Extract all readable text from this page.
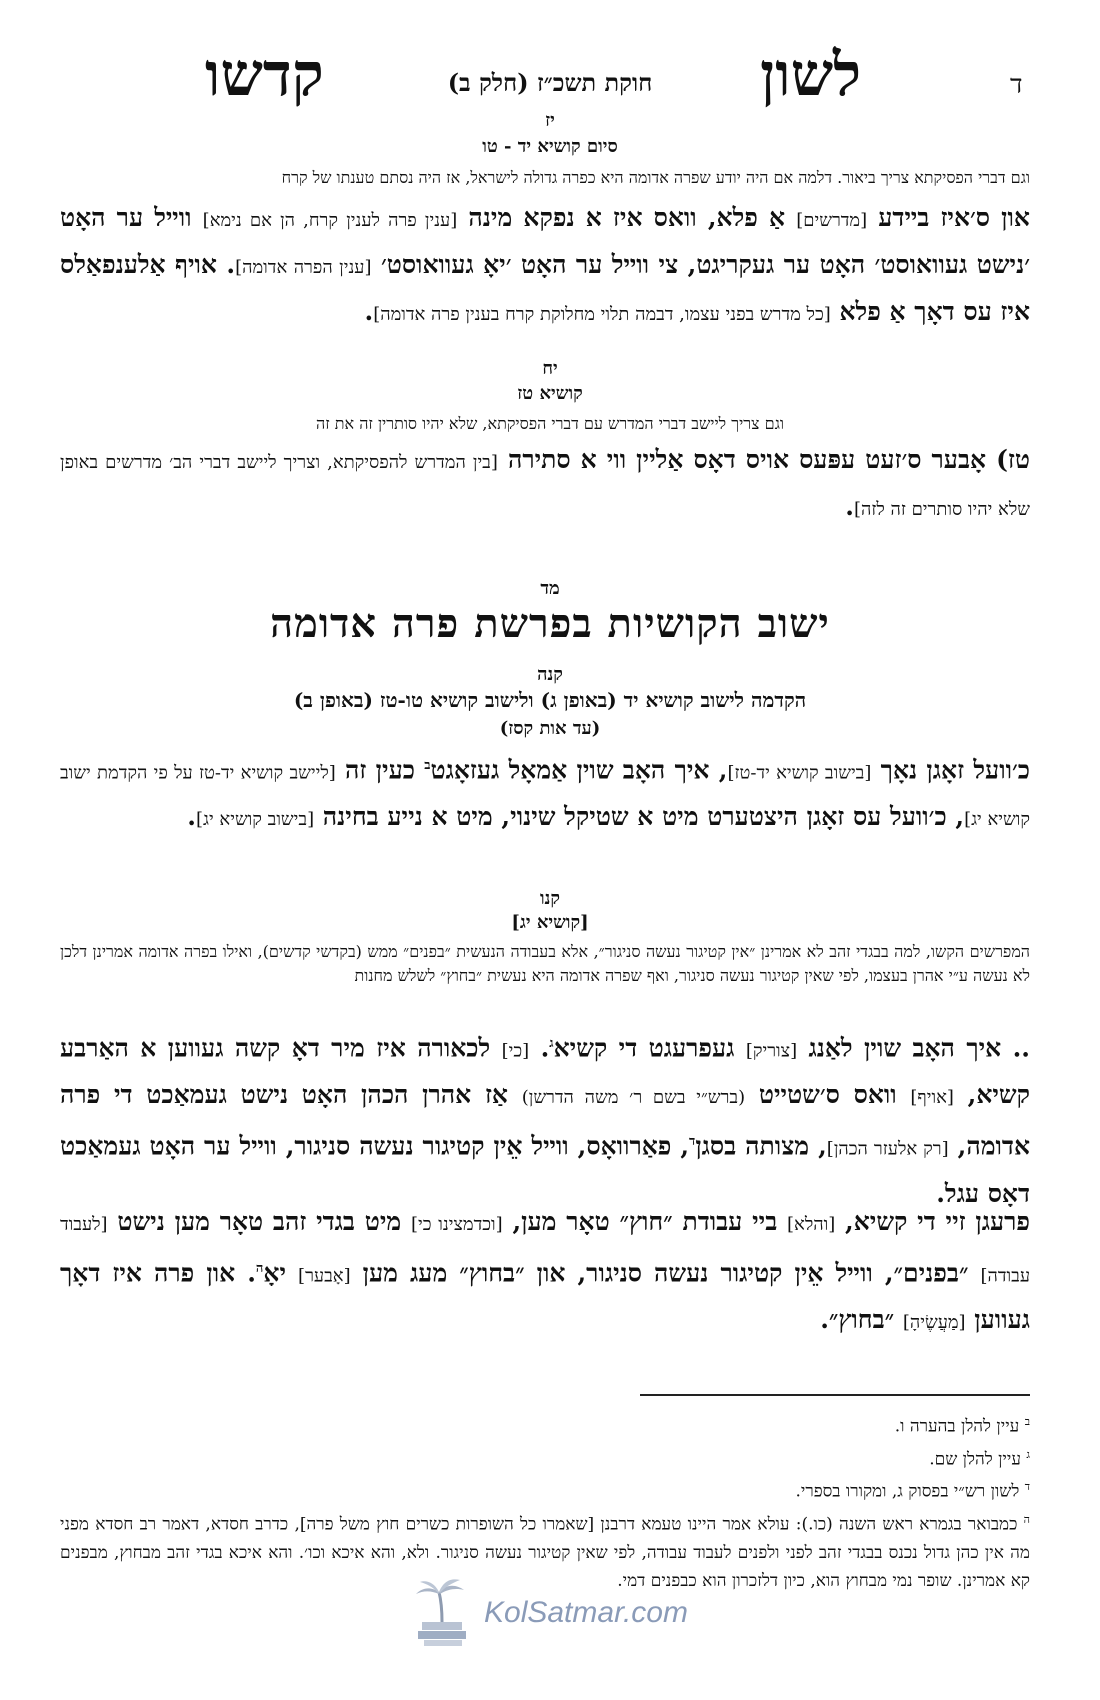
ד
לשון
חוקת תשכ״ז (חלק ב)
קדשו
יז
סיום קושיא יד - טו
וגם דברי הפסיקתא צריך ביאור. דלמה אם היה יודע שפרה אדומה היא כפרה גדולה לישראל, אז היה נסתם טענתו של קרח
און ס׳איז בײדע [מדרשים] אַ פלא, וואס איז א נפקא מינה [ענין פרה לענין קרח, הן אם נימא] ווײל ער האָט ׳נישט געוואוסט׳ האָט ער געקריגט, צי ווײל ער האָט ׳יאָ געוואוסט׳ [ענין הפרה אדומה]. אויף אַלענפאַלס איז עס דאָך אַ פלא [כל מדרש בפני עצמו, דבמה תלוי מחלוקת קרח בענין פרה אדומה].
יח
קושיא טז
וגם צריך ליישב דברי המדרש עם דברי הפסיקתא, שלא יהיו סותרין זה את זה
טז) אָבער ס׳זעט עפּעס אויס דאָס אַליין ווי א סתירה [בין המדרש להפסיקתא, וצריך ליישב דברי הב׳ מדרשים באופן שלא יהיו סותרים זה לזה].
מד
ישוב הקושיות בפרשת פרה אדומה
קנה
הקדמה לישוב קושיא יד (באופן ג) ולישוב קושיא טו-טז (באופן ב)
(עד אות קסז)
כ׳וועל זאָגן נאָך [בישוב קושיא יד-טז], איך האָב שוין אַמאָל געזאָגט$^ב$ כעין זה [ליישב קושיא יד-טז על פי הקדמת ישוב קושיא יג], כ׳וועל עס זאָגן היצטערט מיט א שטיקל שינוי, מיט א נייע בחינה [בישוב קושיא יג].
קנו
[קושיא יג]
המפרשים הקשו, למה בבגדי זהב לא אמרינן ״אין קטיגור נעשה סניגור״, אלא בעבודה הנעשית ״בפנים״ ממש (בקדשי קדשים), ואילו בפרה אדומה אמרינן דלכן לא נעשה ע״י אהרן בעצמו, לפי שאין קטיגור נעשה סניגור, ואף שפרה אדומה היא נעשית ״בחוץ״ לשלש מחנות
.. איך האָב שוין לאַנג [צוריק] געפרעגט די קשיא$^ג$. [כי] לכאורה איז מיר דאָ קשה געווען א האַרבע קשיא, [אויף] וואס ס׳שטייט (ברש״י בשם ר׳ משה הדרשן) אַז אהרן הכהן האָט נישט געמאַכט די פרה אדומה, [רק אלעזר הכהן], מצותה בסגן$^ד$, פאַרוואָס, ווײל אֵין קטיגור נעשה סניגור, ווײל ער האָט געמאַכט דאָס עגל.
פרעגן זיי די קשיא, [והלא] ביי עבודת ״חוץ״ טאָר מען, [וכדמצינו כי] מיט בגדי זהב טאָר מען נישט [לעבוד עבודה] ״בפנים״, ווײל אֵין קטיגור נעשה סניגור, און ״בחוץ״ מעג מען [אָבער] יאָ$^ה$. און פרה איז דאָך געווען [מַעֲשֶׂיהָ] ״בחוץ״.
$^ב$ עיין להלן בהערה ו.
$^ג$ עיין להלן שם.
$^ד$ לשון רש״י בפסוק ג, ומקורו בספרי.
$^ה$ כמבואר בגמרא ראש השנה (כו.): עולא אמר היינו טעמא דרבנן [שאמרו כל השופרות כשרים חוץ משל פרה], כדרב חסדא, דאמר רב חסדא מפני מה אין כהן גדול נכנס בבגדי זהב לפני ולפנים לעבוד עבודה, לפי שאין קטיגור נעשה סניגור. ולא, והא איכא וכו׳. והא איכא בגדי זהב מבחוץ, מבפנים קא אמרינן. שופר נמי מבחוץ הוא, כיון דלזכרון הוא כבפנים דמי.
KolSatmar.com
